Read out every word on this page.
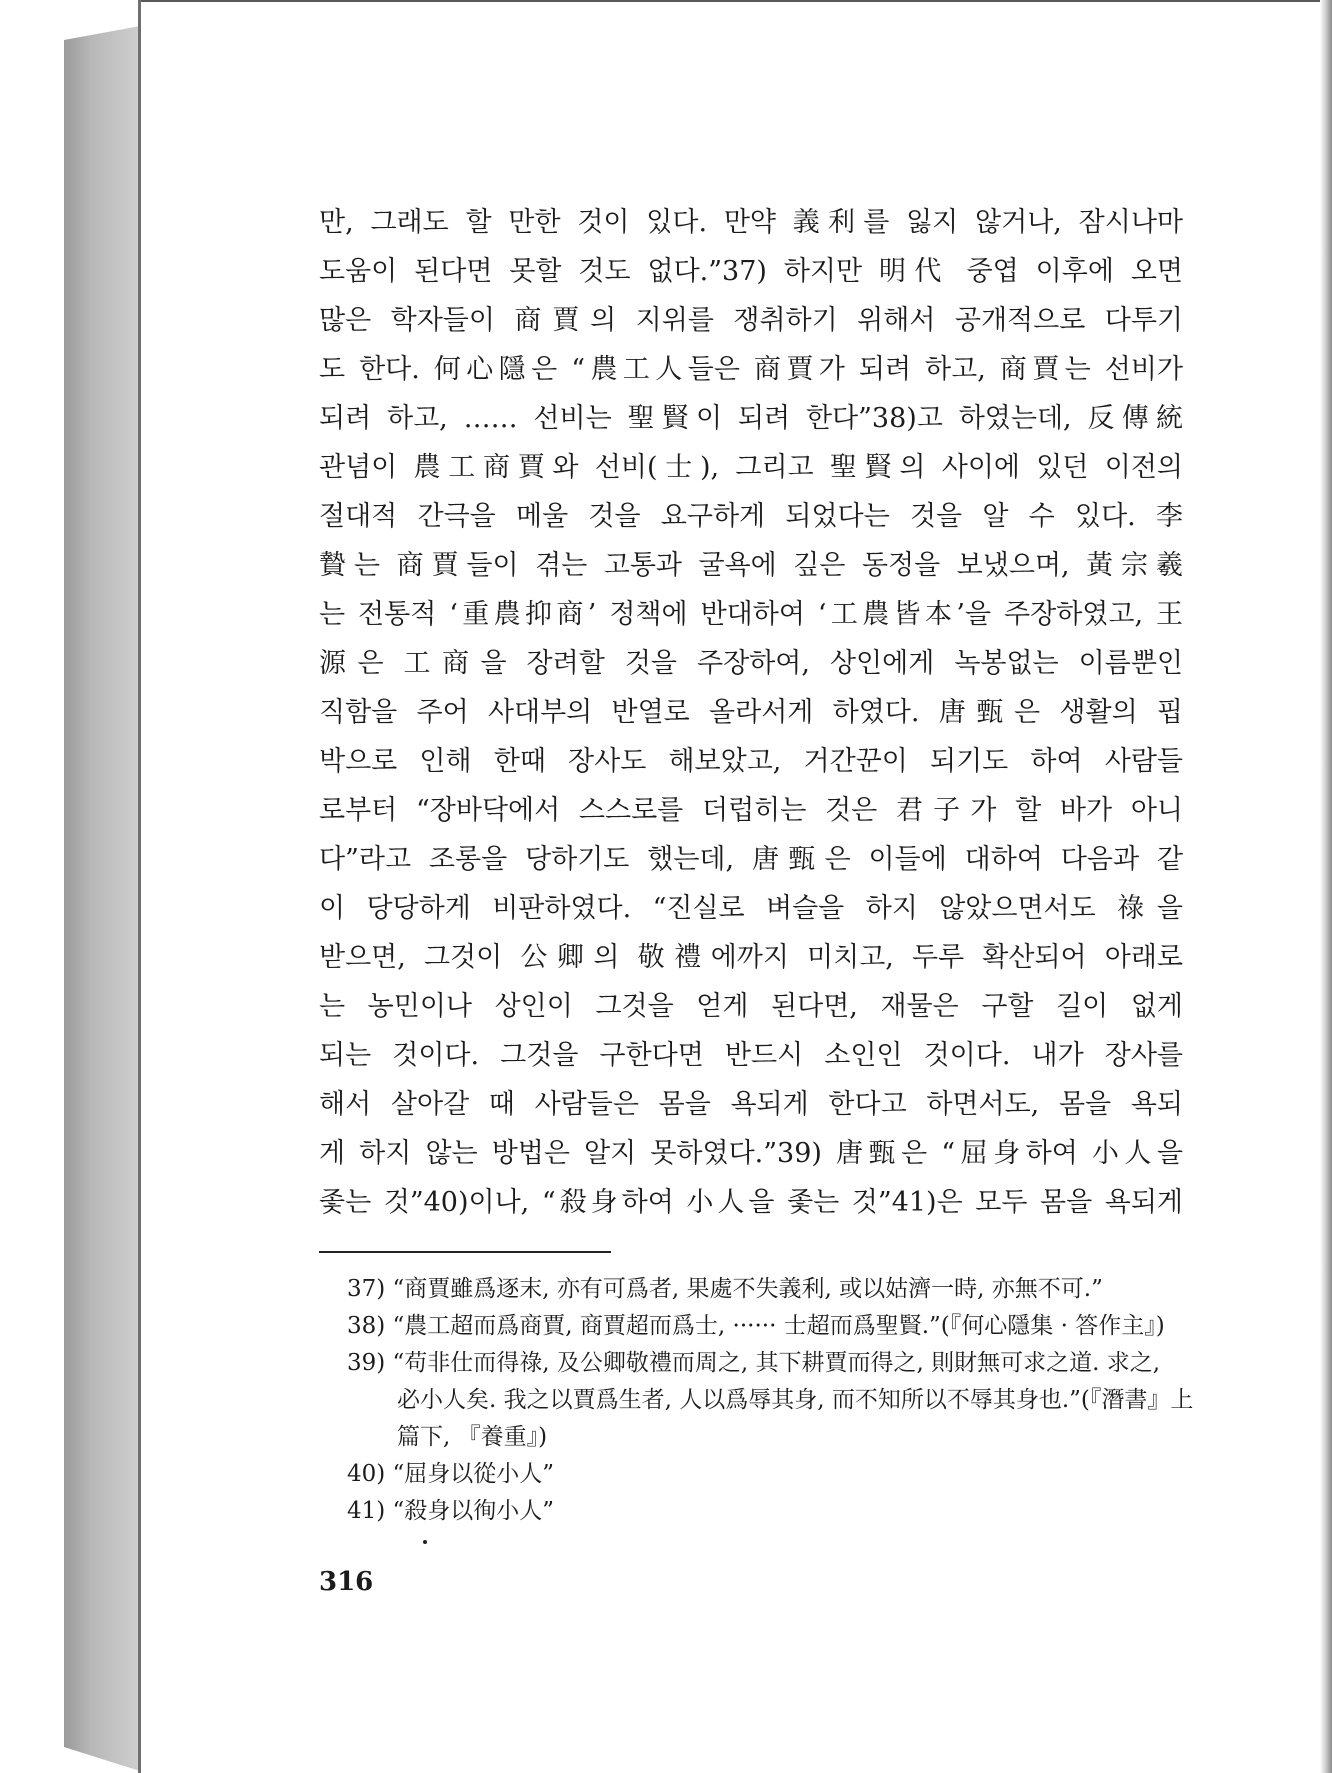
만, 그래도 할 만한 것이 있다. 만약 義利를 잃지 않거나, 잠시나마
도움이 된다면 못할 것도 없다.”37) 하지만 明代 중엽 이후에 오면
많은 학자들이 商賈의 지위를 쟁취하기 위해서 공개적으로 다투기
도 한다. 何心隱은 “農工人들은 商賈가 되려 하고, 商賈는 선비가
되려 하고, …… 선비는 聖賢이 되려 한다”38)고 하였는데, 反傳統
관념이 農工商賈와 선비(士), 그리고 聖賢의 사이에 있던 이전의
절대적 간극을 메울 것을 요구하게 되었다는 것을 알 수 있다. 李
贄는 商賈들이 겪는 고통과 굴욕에 깊은 동정을 보냈으며, 黃宗羲
는 전통적 ‘重農抑商’ 정책에 반대하여 ‘工農皆本’을 주장하였고, 王
源은 工商을 장려할 것을 주장하여, 상인에게 녹봉없는 이름뿐인
직함을 주어 사대부의 반열로 올라서게 하였다. 唐甄은 생활의 핍
박으로 인해 한때 장사도 해보았고, 거간꾼이 되기도 하여 사람들
로부터 “장바닥에서 스스로를 더럽히는 것은 君子가 할 바가 아니
다”라고 조롱을 당하기도 했는데, 唐甄은 이들에 대하여 다음과 같
이 당당하게 비판하였다. “진실로 벼슬을 하지 않았으면서도 祿을
받으면, 그것이 公卿의 敬禮에까지 미치고, 두루 확산되어 아래로
는 농민이나 상인이 그것을 얻게 된다면, 재물은 구할 길이 없게
되는 것이다. 그것을 구한다면 반드시 소인인 것이다. 내가 장사를
해서 살아갈 때 사람들은 몸을 욕되게 한다고 하면서도, 몸을 욕되
게 하지 않는 방법은 알지 못하였다.”39) 唐甄은 “屈身하여 小人을
좇는 것”40)이나, “殺身하여 小人을 좇는 것”41)은 모두 몸을 욕되게
37) “商賈雖爲逐末, 亦有可爲者, 果處不失義利, 或以姑濟一時, 亦無不可.”
38) “農工超而爲商賈, 商賈超而爲士, ······ 士超而爲聖賢.”(『何心隱集 · 答作主』)
39) “苟非仕而得祿, 及公卿敬禮而周之, 其下耕賈而得之, 則財無可求之道. 求之,
必小人矣. 我之以賈爲生者, 人以爲辱其身, 而不知所以不辱其身也.”(『潛書』上
篇下, 『養重』)
40) “屈身以從小人”
41) “殺身以徇小人”
316
